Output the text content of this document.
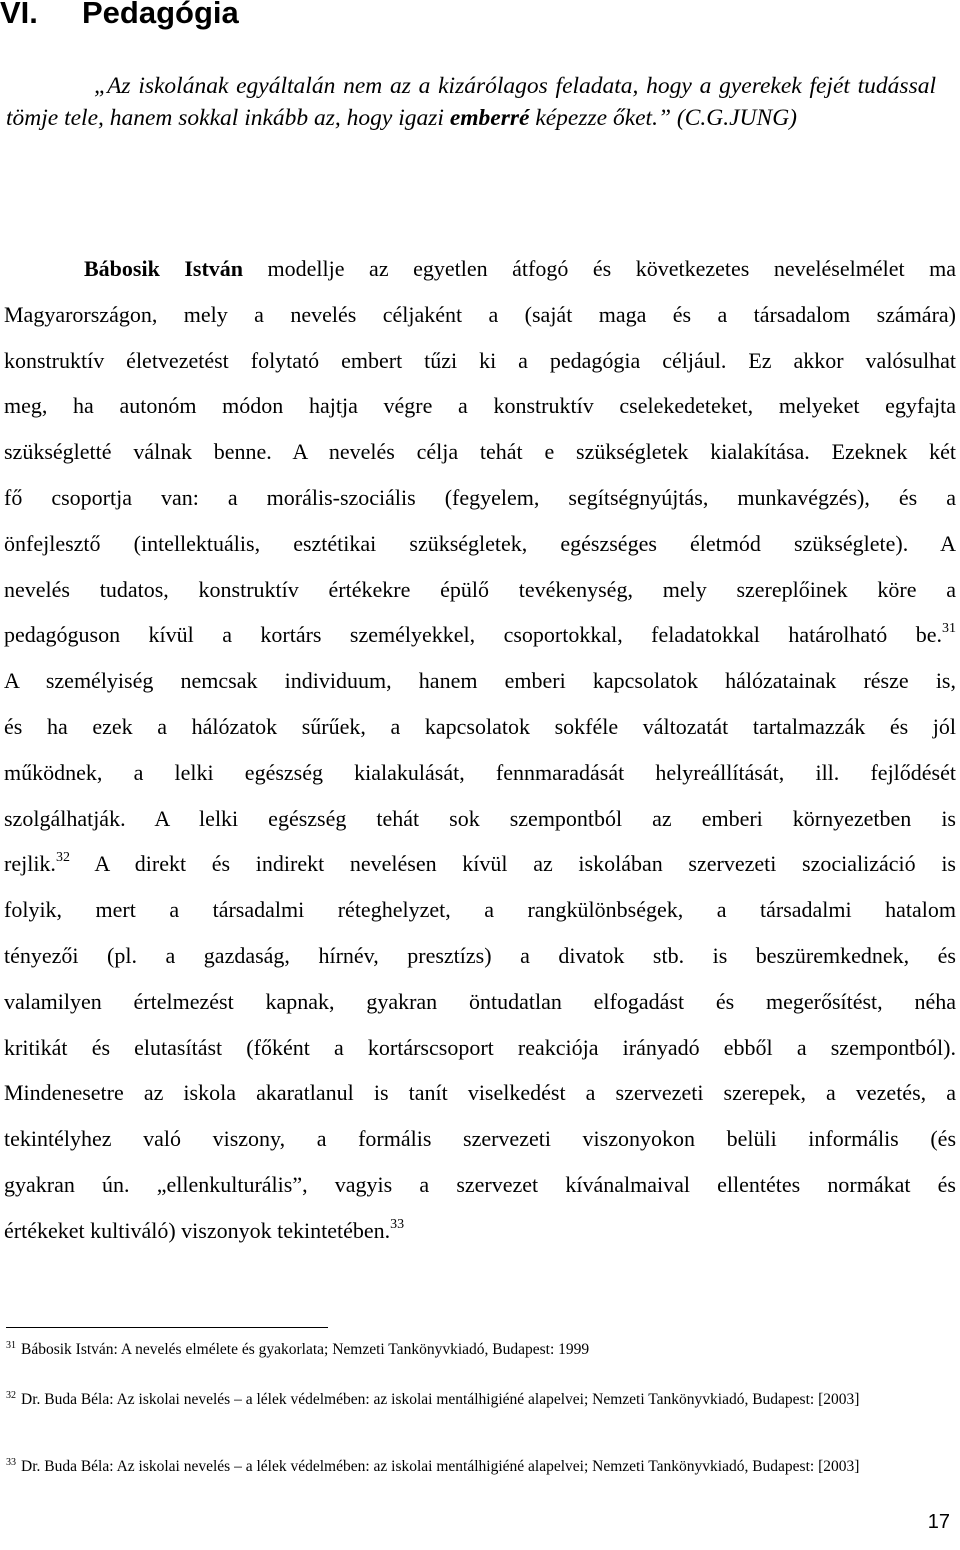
VI. Pedagógia

„Az iskolának egyáltalán nem az a kizárólagos feladata, hogy a gyerekek fejét tudással tömje tele, hanem sokkal inkább az, hogy igazi emberré képezze őket.” (C.G.JUNG)

Bábosik István modellje az egyetlen átfogó és következetes neveléselmélet ma
Magyarországon, mely a nevelés céljaként a (saját maga és a társadalom számára)
konstruktív életvezetést folytató embert tűzi ki a pedagógia céljául. Ez akkor valósulhat
meg, ha autonóm módon hajtja végre a konstruktív cselekedeteket, melyeket egyfajta
szükségletté válnak benne. A nevelés célja tehát e szükségletek kialakítása. Ezeknek két
fő csoportja van: a morális-szociális (fegyelem, segítségnyújtás, munkavégzés), és a
önfejlesztő (intellektuális, esztétikai szükségletek, egészséges életmód szükséglete). A
nevelés tudatos, konstruktív értékekre épülő tevékenység, mely szereplőinek köre a
pedagóguson kívül a kortárs személyekkel, csoportokkal, feladatokkal határolható be.$^{31}$
A személyiség nemcsak individuum, hanem emberi kapcsolatok hálózatainak része is,
és ha ezek a hálózatok sűrűek, a kapcsolatok sokféle változatát tartalmazzák és jól
működnek, a lelki egészség kialakulását, fennmaradását helyreállítását, ill. fejlődését
szolgálhatják. A lelki egészség tehát sok szempontból az emberi környezetben is
rejlik.$^{32}$ A direkt és indirekt nevelésen kívül az iskolában szervezeti szocializáció is
folyik, mert a társadalmi réteghelyzet, a rangkülönbségek, a társadalmi hatalom
tényezői (pl. a gazdaság, hírnév, presztízs) a divatok stb. is beszüremkednek, és
valamilyen értelmezést kapnak, gyakran öntudatlan elfogadást és megerősítést, néha
kritikát és elutasítást (főként a kortárscsoport reakciója irányadó ebből a szempontból).
Mindenesetre az iskola akaratlanul is tanít viselkedést a szervezeti szerepek, a vezetés, a
tekintélyhez való viszony, a formális szervezeti viszonyokon belüli informális (és
gyakran ún. „ellenkulturális”, vagyis a szervezet kívánalmaival ellentétes normákat és
értékeket kultiváló) viszonyok tekintetében.$^{33}$

$^{31}$ Bábosik István: A nevelés elmélete és gyakorlata; Nemzeti Tankönyvkiadó, Budapest: 1999

$^{32}$ Dr. Buda Béla: Az iskolai nevelés – a lélek védelmében: az iskolai mentálhigiéné alapelvei; Nemzeti Tankönyvkiadó, Budapest: [2003]

$^{33}$ Dr. Buda Béla: Az iskolai nevelés – a lélek védelmében: az iskolai mentálhigiéné alapelvei; Nemzeti Tankönyvkiadó, Budapest: [2003]

17
